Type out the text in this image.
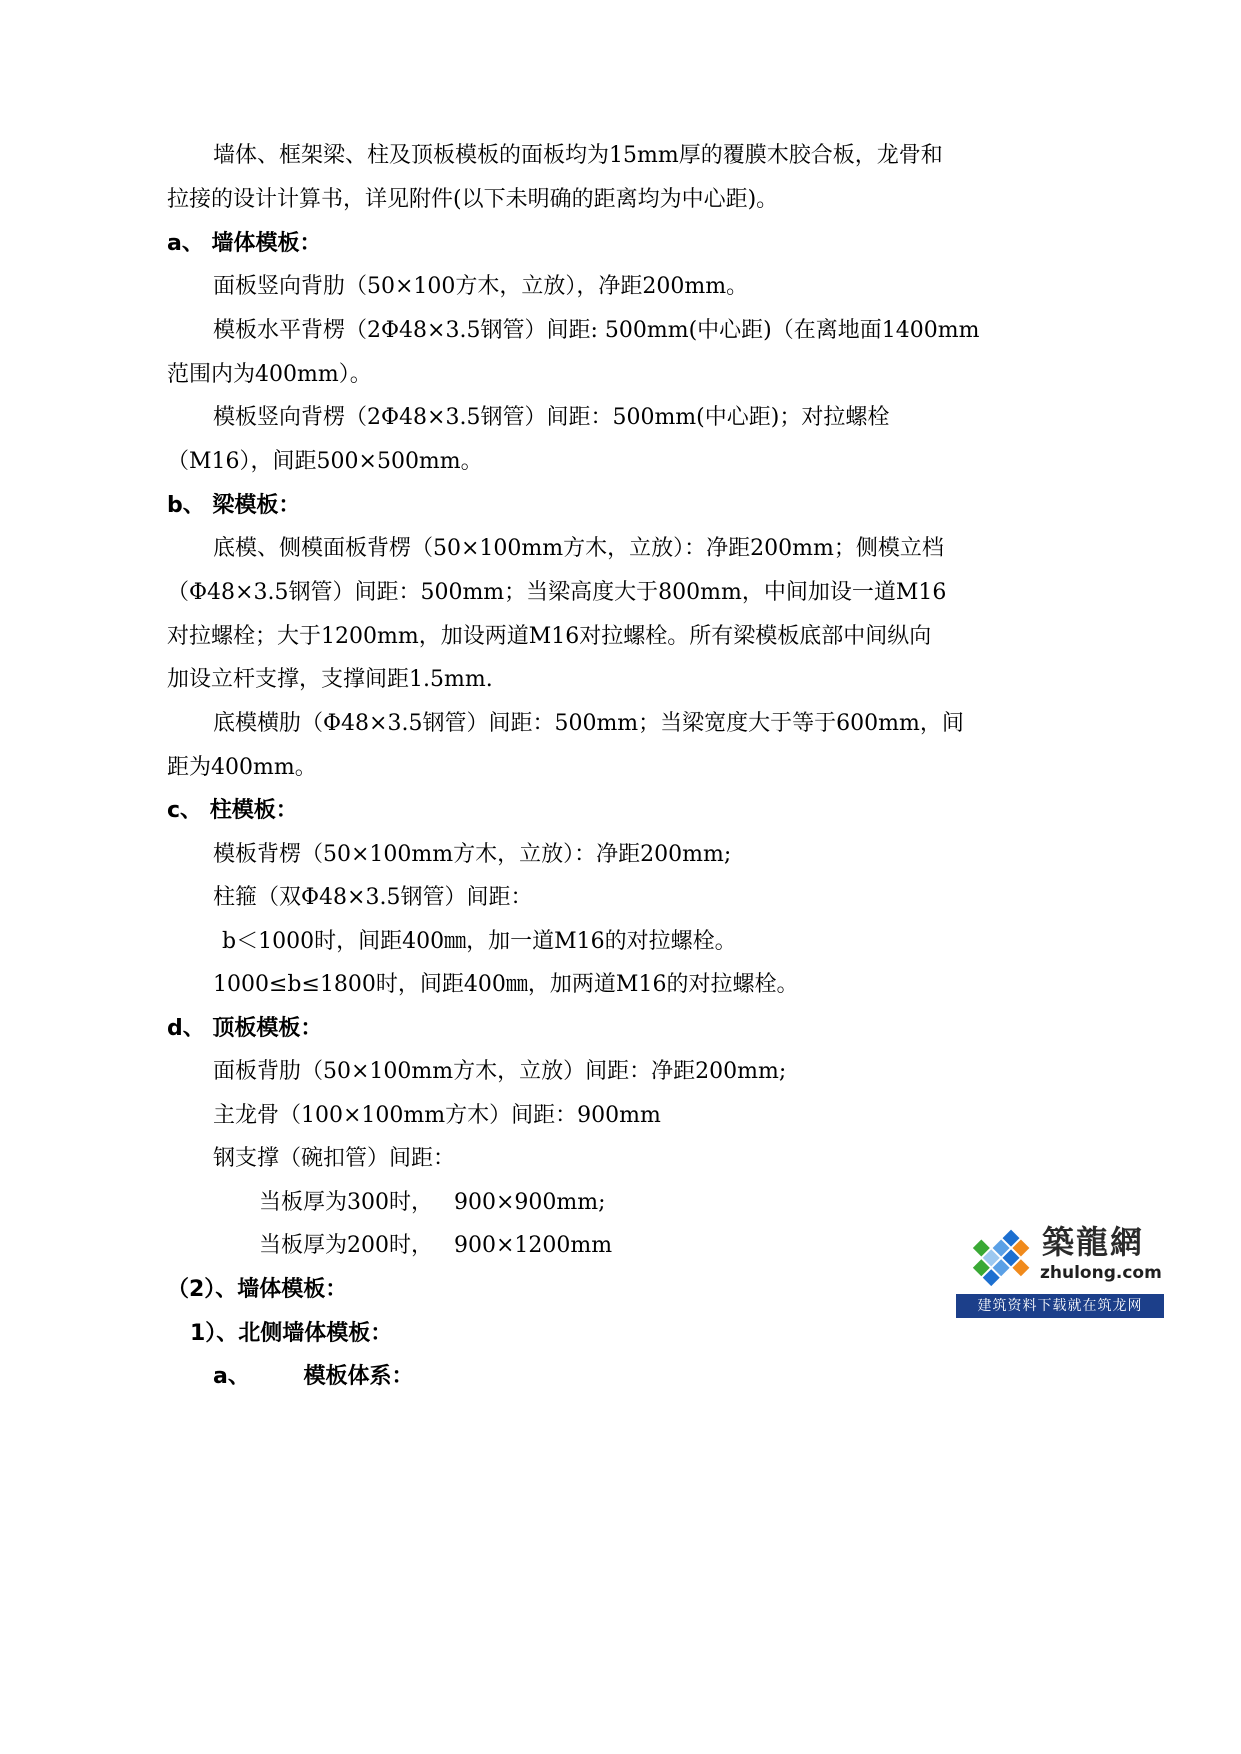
墙体、框架梁、柱及顶板模板的面板均为15mm厚的覆膜木胶合板，龙骨和

拉接的设计计算书，详见附件(以下未明确的距离均为中心距)。

a、 墙体模板：

面板竖向背肋（50×100方木，立放），净距200mm。

模板水平背楞（2Φ48×3.5钢管）间距: 500mm(中心距)（在离地面1400mm

范围内为400mm）。

模板竖向背楞（2Φ48×3.5钢管）间距：500mm(中心距)；对拉螺栓

（M16），间距500×500mm。

b、 梁模板：

底模、侧模面板背楞（50×100mm方木，立放）：净距200mm；侧模立档

（Φ48×3.5钢管）间距：500mm；当梁高度大于800mm，中间加设一道M16

对拉螺栓；大于1200mm，加设两道M16对拉螺栓。所有梁模板底部中间纵向

加设立杆支撑，支撑间距1.5mm.

底模横肋（Φ48×3.5钢管）间距：500mm；当梁宽度大于等于600mm，间

距为400mm。

c、 柱模板：

模板背楞（50×100mm方木，立放）：净距200mm;

柱箍（双Φ48×3.5钢管）间距：

b＜1000时，间距400㎜，加一道M16的对拉螺栓。

1000≤b≤1800时，间距400㎜，加两道M16的对拉螺栓。

d、 顶板模板：

面板背肋（50×100mm方木，立放）间距：净距200mm;

主龙骨（100×100mm方木）间距：900mm

钢支撑（碗扣管）间距：

当板厚为300时，   900×900mm;

当板厚为200时，   900×1200mm

（2）、墙体模板：

1）、北侧墙体模板：

a、       模板体系：

築龍網
zhulong.com
建筑资料下载就在筑龙网
